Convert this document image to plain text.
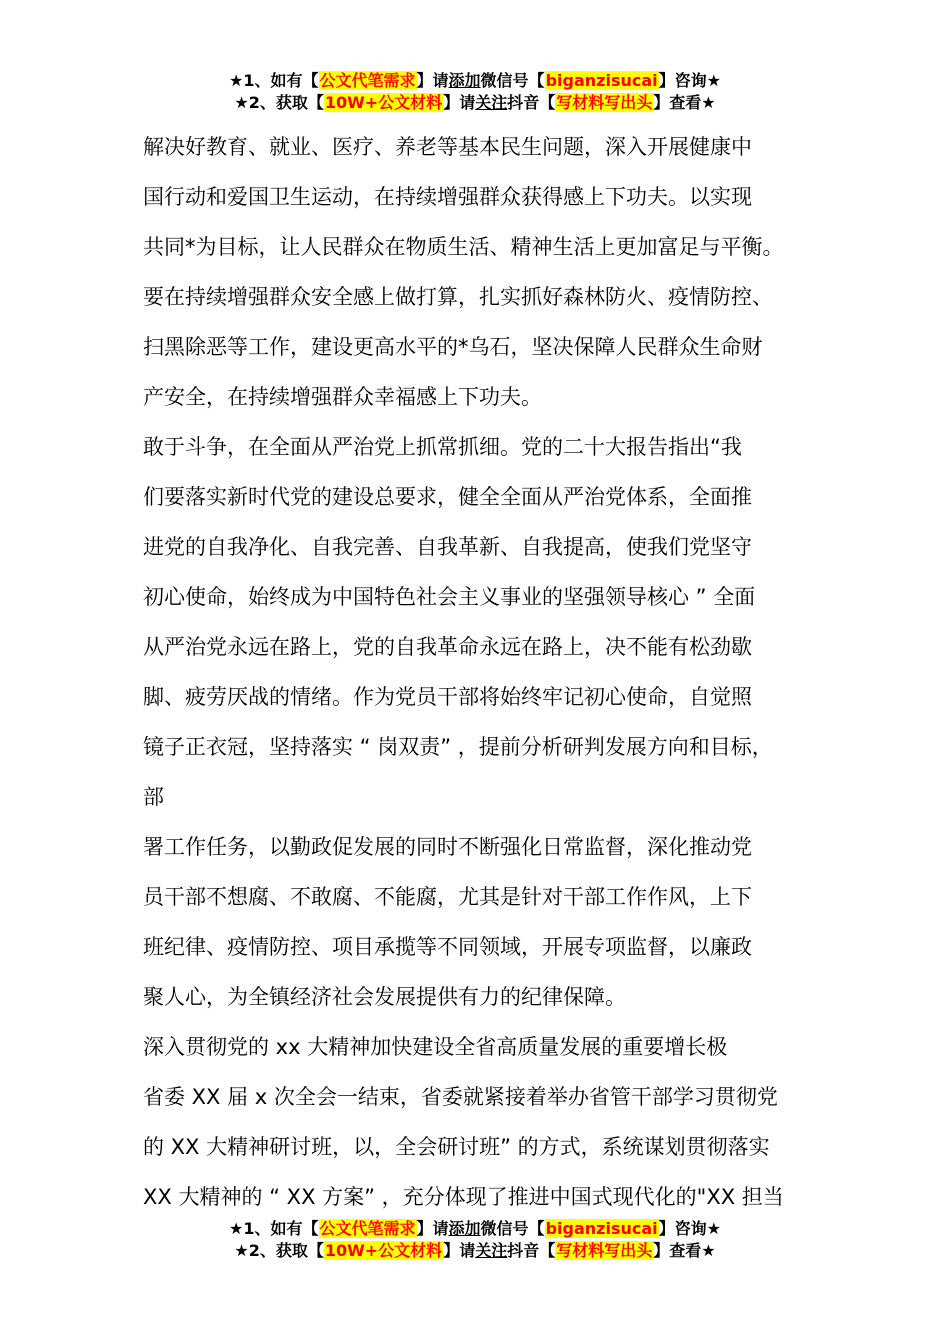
★1、如有【公文代笔需求】请添加微信号【biganzisucai】咨询★
★2、获取【10W+公文材料】请关注抖音【写材料写出头】查看★
解决好教育、就业、医疗、养老等基本民生问题，深入开展健康中
国行动和爱国卫生运动，在持续增强群众获得感上下功夫。以实现
共同*为目标，让人民群众在物质生活、精神生活上更加富足与平衡。
要在持续增强群众安全感上做打算，扎实抓好森林防火、疫情防控、
扫黑除恶等工作，建设更高水平的*乌石，坚决保障人民群众生命财
产安全，在持续增强群众幸福感上下功夫。
敢于斗争，在全面从严治党上抓常抓细。党的二十大报告指出“我
们要落实新时代党的建设总要求，健全全面从严治党体系，全面推
进党的自我净化、自我完善、自我革新、自我提高，使我们党坚守
初心使命，始终成为中国特色社会主义事业的坚强领导核心 ” 全面
从严治党永远在路上，党的自我革命永远在路上，决不能有松劲歇
脚、疲劳厌战的情绪。作为党员干部将始终牢记初心使命，自觉照
镜子正衣冠，坚持落实 “ 岗双责” ，提前分析研判发展方向和目标，
部
署工作任务，以勤政促发展的同时不断强化日常监督，深化推动党
员干部不想腐、不敢腐、不能腐，尤其是针对干部工作作风，上下
班纪律、疫情防控、项目承揽等不同领域，开展专项监督，以廉政
聚人心，为全镇经济社会发展提供有力的纪律保障。
深入贯彻党的 xx 大精神加快建设全省高质量发展的重要增长极
省委 XX 届 x 次全会一结束，省委就紧接着举办省管干部学习贯彻党
的 XX 大精神研讨班，以，全会研讨班” 的方式，系统谋划贯彻落实
XX 大精神的 “ XX 方案” ，充分体现了推进中国式现代化的"XX 担当
★1、如有【公文代笔需求】请添加微信号【biganzisucai】咨询★
★2、获取【10W+公文材料】请关注抖音【写材料写出头】查看★
